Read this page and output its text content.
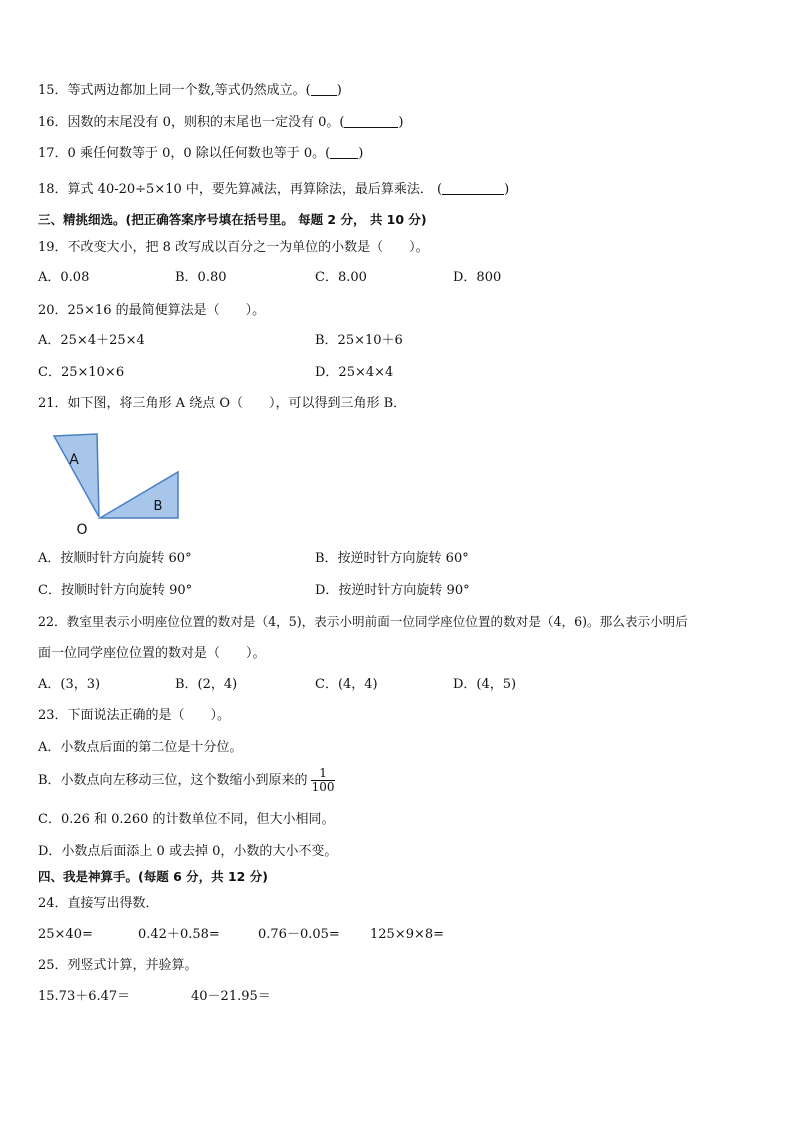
15．等式两边都加上同一个数,等式仍然成立。( )
16．因数的末尾没有 0，则积的末尾也一定没有 0。(	)
17．0 乘任何数等于 0，0 除以任何数也等于 0。( )
18．算式 40-20÷5×10 中，要先算减法，再算除法，最后算乘法． (	)
三、精挑细选。(把正确答案序号填在括号里。 每题 2 分， 共 10 分)
19．不改变大小，把 8 改写成以百分之一为单位的小数是（　　）。
A．0.08	B．0.80	C．8.00	D．800
20．25×16 的最简便算法是（　　）。
A．25×4＋25×4	B．25×10＋6
C．25×10×6	D．25×4×4
21．如下图，将三角形 A 绕点 O（　　），可以得到三角形 B．
A
B
O
A．按顺时针方向旋转 60°	B．按逆时针方向旋转 60°
C．按顺时针方向旋转 90°	D．按逆时针方向旋转 90°
22．教室里表示小明座位位置的数对是（4，5)，表示小明前面一位同学座位位置的数对是（4，6)。那么表示小明后
面一位同学座位位置的数对是（　　）。
A．(3，3)	B．(2，4)	C．(4，4)	D．(4，5)
23．下面说法正确的是（　　）。
A．小数点后面的第二位是十分位。
B．小数点向左移动三位，这个数缩小到原来的 $\frac{1}{100}$
C．0.26 和 0.260 的计数单位不同，但大小相同。
D．小数点后面添上 0 或去掉 0，小数的大小不变。
四、我是神算手。(每题 6 分，共 12 分)
24．直接写出得数．
25×40=	0.42＋0.58=	0.76－0.05= 125×9×8=
25．列竖式计算，并验算。
15.73＋6.47＝	40－21.95＝
